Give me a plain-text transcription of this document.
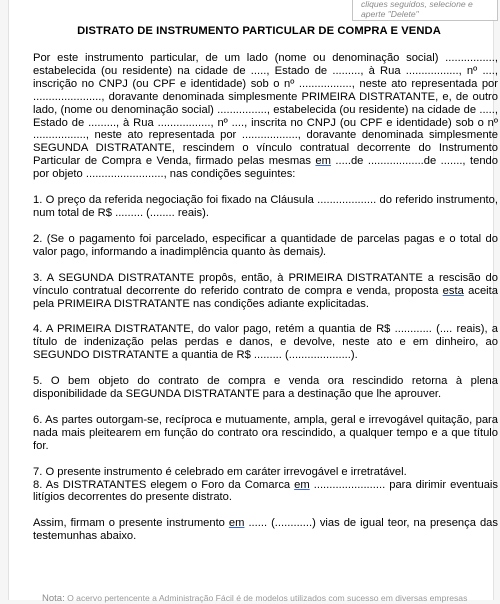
cliques seguidos, selecione e aperte "Delete"
DISTRATO DE INSTRUMENTO PARTICULAR DE COMPRA E VENDA

Por este instrumento particular, de um lado (nome ou denominação social) ................, estabelecida (ou residente) na cidade de ....., Estado de ........., à Rua ................., nº ...., inscrição no CNPJ (ou CPF e identidade) sob o nº ................., neste ato representada por ......................, doravante denominada simplesmente PRIMEIRA DISTRATANTE, e, de outro lado, (nome ou denominação social) ................, estabelecida (ou residente) na cidade de ....., Estado de ........., à Rua ................., nº ...., inscrita no CNPJ (ou CPF e identidade) sob o nº ................., neste ato representada por .................., doravante denominada simplesmente SEGUNDA DISTRATANTE, rescindem o vínculo contratual decorrente do Instrumento Particular de Compra e Venda, firmado pelas mesmas em .....de ..................de ......., tendo por objeto ........................., nas condições seguintes:

1. O preço da referida negociação foi fixado na Cláusula ................... do referido instrumento, num total de R$ ......... (........ reais).

2. (Se o pagamento foi parcelado, especificar a quantidade de parcelas pagas e o total do valor pago, informando a inadimplência quanto às demais).

3. A SEGUNDA DISTRATANTE propôs, então, à PRIMEIRA DISTRATANTE a rescisão do vínculo contratual decorrente do referido contrato de compra e venda, proposta esta aceita pela PRIMEIRA DISTRATANTE nas condições adiante explicitadas.

4. A PRIMEIRA DISTRATANTE, do valor pago, retém a quantia de R$ ............ (.... reais), a título de indenização pelas perdas e danos, e devolve, neste ato e em dinheiro, ao SEGUNDO DISTRATANTE a quantia de R$ ......... (....................).

5. O bem objeto do contrato de compra e venda ora rescindido retorna à plena disponibilidade da SEGUNDA DISTRATANTE para a destinação que lhe aprouver.

6. As partes outorgam-se, recíproca e mutuamente, ampla, geral e irrevogável quitação, para nada mais pleitearem em função do contrato ora rescindido, a qualquer tempo e a que título for.

7. O presente instrumento é celebrado em caráter irrevogável e irretratável.

8. As DISTRATANTES elegem o Foro da Comarca em ....................... para dirimir eventuais litígios decorrentes do presente distrato.

Assim, firmam o presente instrumento em ...... (............) vias de igual teor, na presença das testemunhas abaixo.

Nota: O acervo pertencente a Administração Fácil é de modelos utilizados com sucesso em diversas empresas
